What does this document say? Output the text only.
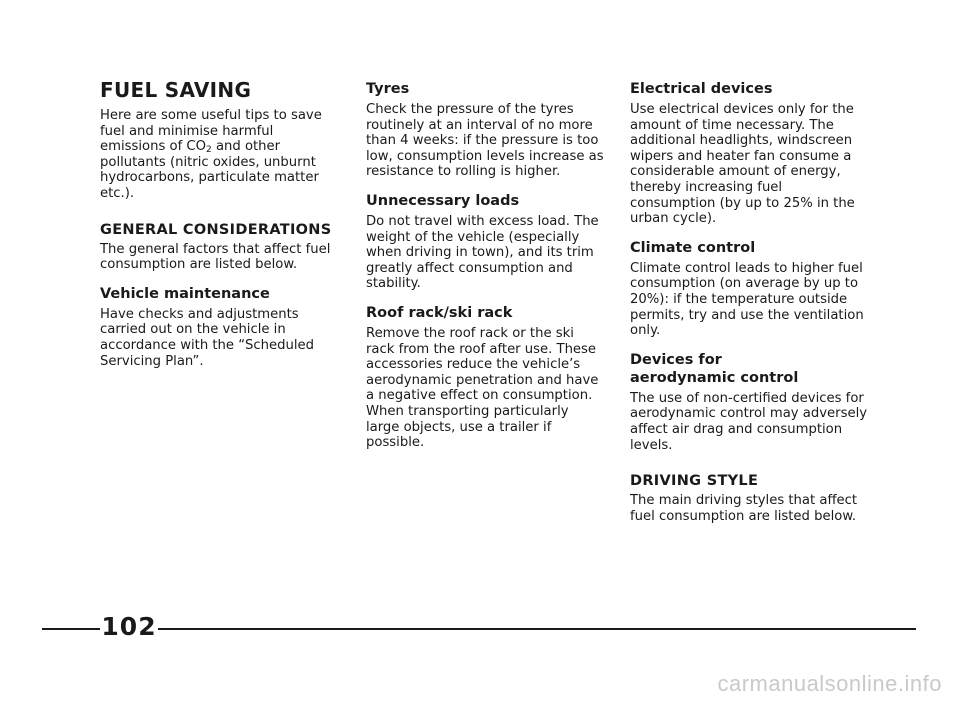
FUEL SAVING

Here are some useful tips to save fuel and minimise harmful emissions of $CO_2$ and other pollutants (nitric oxides, unburnt hydrocarbons, particulate matter etc.).

GENERAL CONSIDERATIONS

The general factors that affect fuel consumption are listed below.

Vehicle maintenance

Have checks and adjustments carried out on the vehicle in accordance with the “Scheduled Servicing Plan”.

Tyres

Check the pressure of the tyres routinely at an interval of no more than 4 weeks: if the pressure is too low, consumption levels increase as resistance to rolling is higher.

Unnecessary loads

Do not travel with excess load. The weight of the vehicle (especially when driving in town), and its trim greatly affect consumption and stability.

Roof rack/ski rack

Remove the roof rack or the ski rack from the roof after use. These accessories reduce the vehicle’s aerodynamic penetration and have a negative effect on consumption. When transporting particularly large objects, use a trailer if possible.

Electrical devices

Use electrical devices only for the amount of time necessary. The additional headlights, windscreen wipers and heater fan consume a considerable amount of energy, thereby increasing fuel consumption (by up to 25% in the urban cycle).

Climate control

Climate control leads to higher fuel consumption (on average by up to 20%): if the temperature outside permits, try and use the ventilation only.

Devices for aerodynamic control

The use of non-certified devices for aerodynamic control may adversely affect air drag and consumption levels.

DRIVING STYLE

The main driving styles that affect fuel consumption are listed below.

102
carmanualsonline.info
